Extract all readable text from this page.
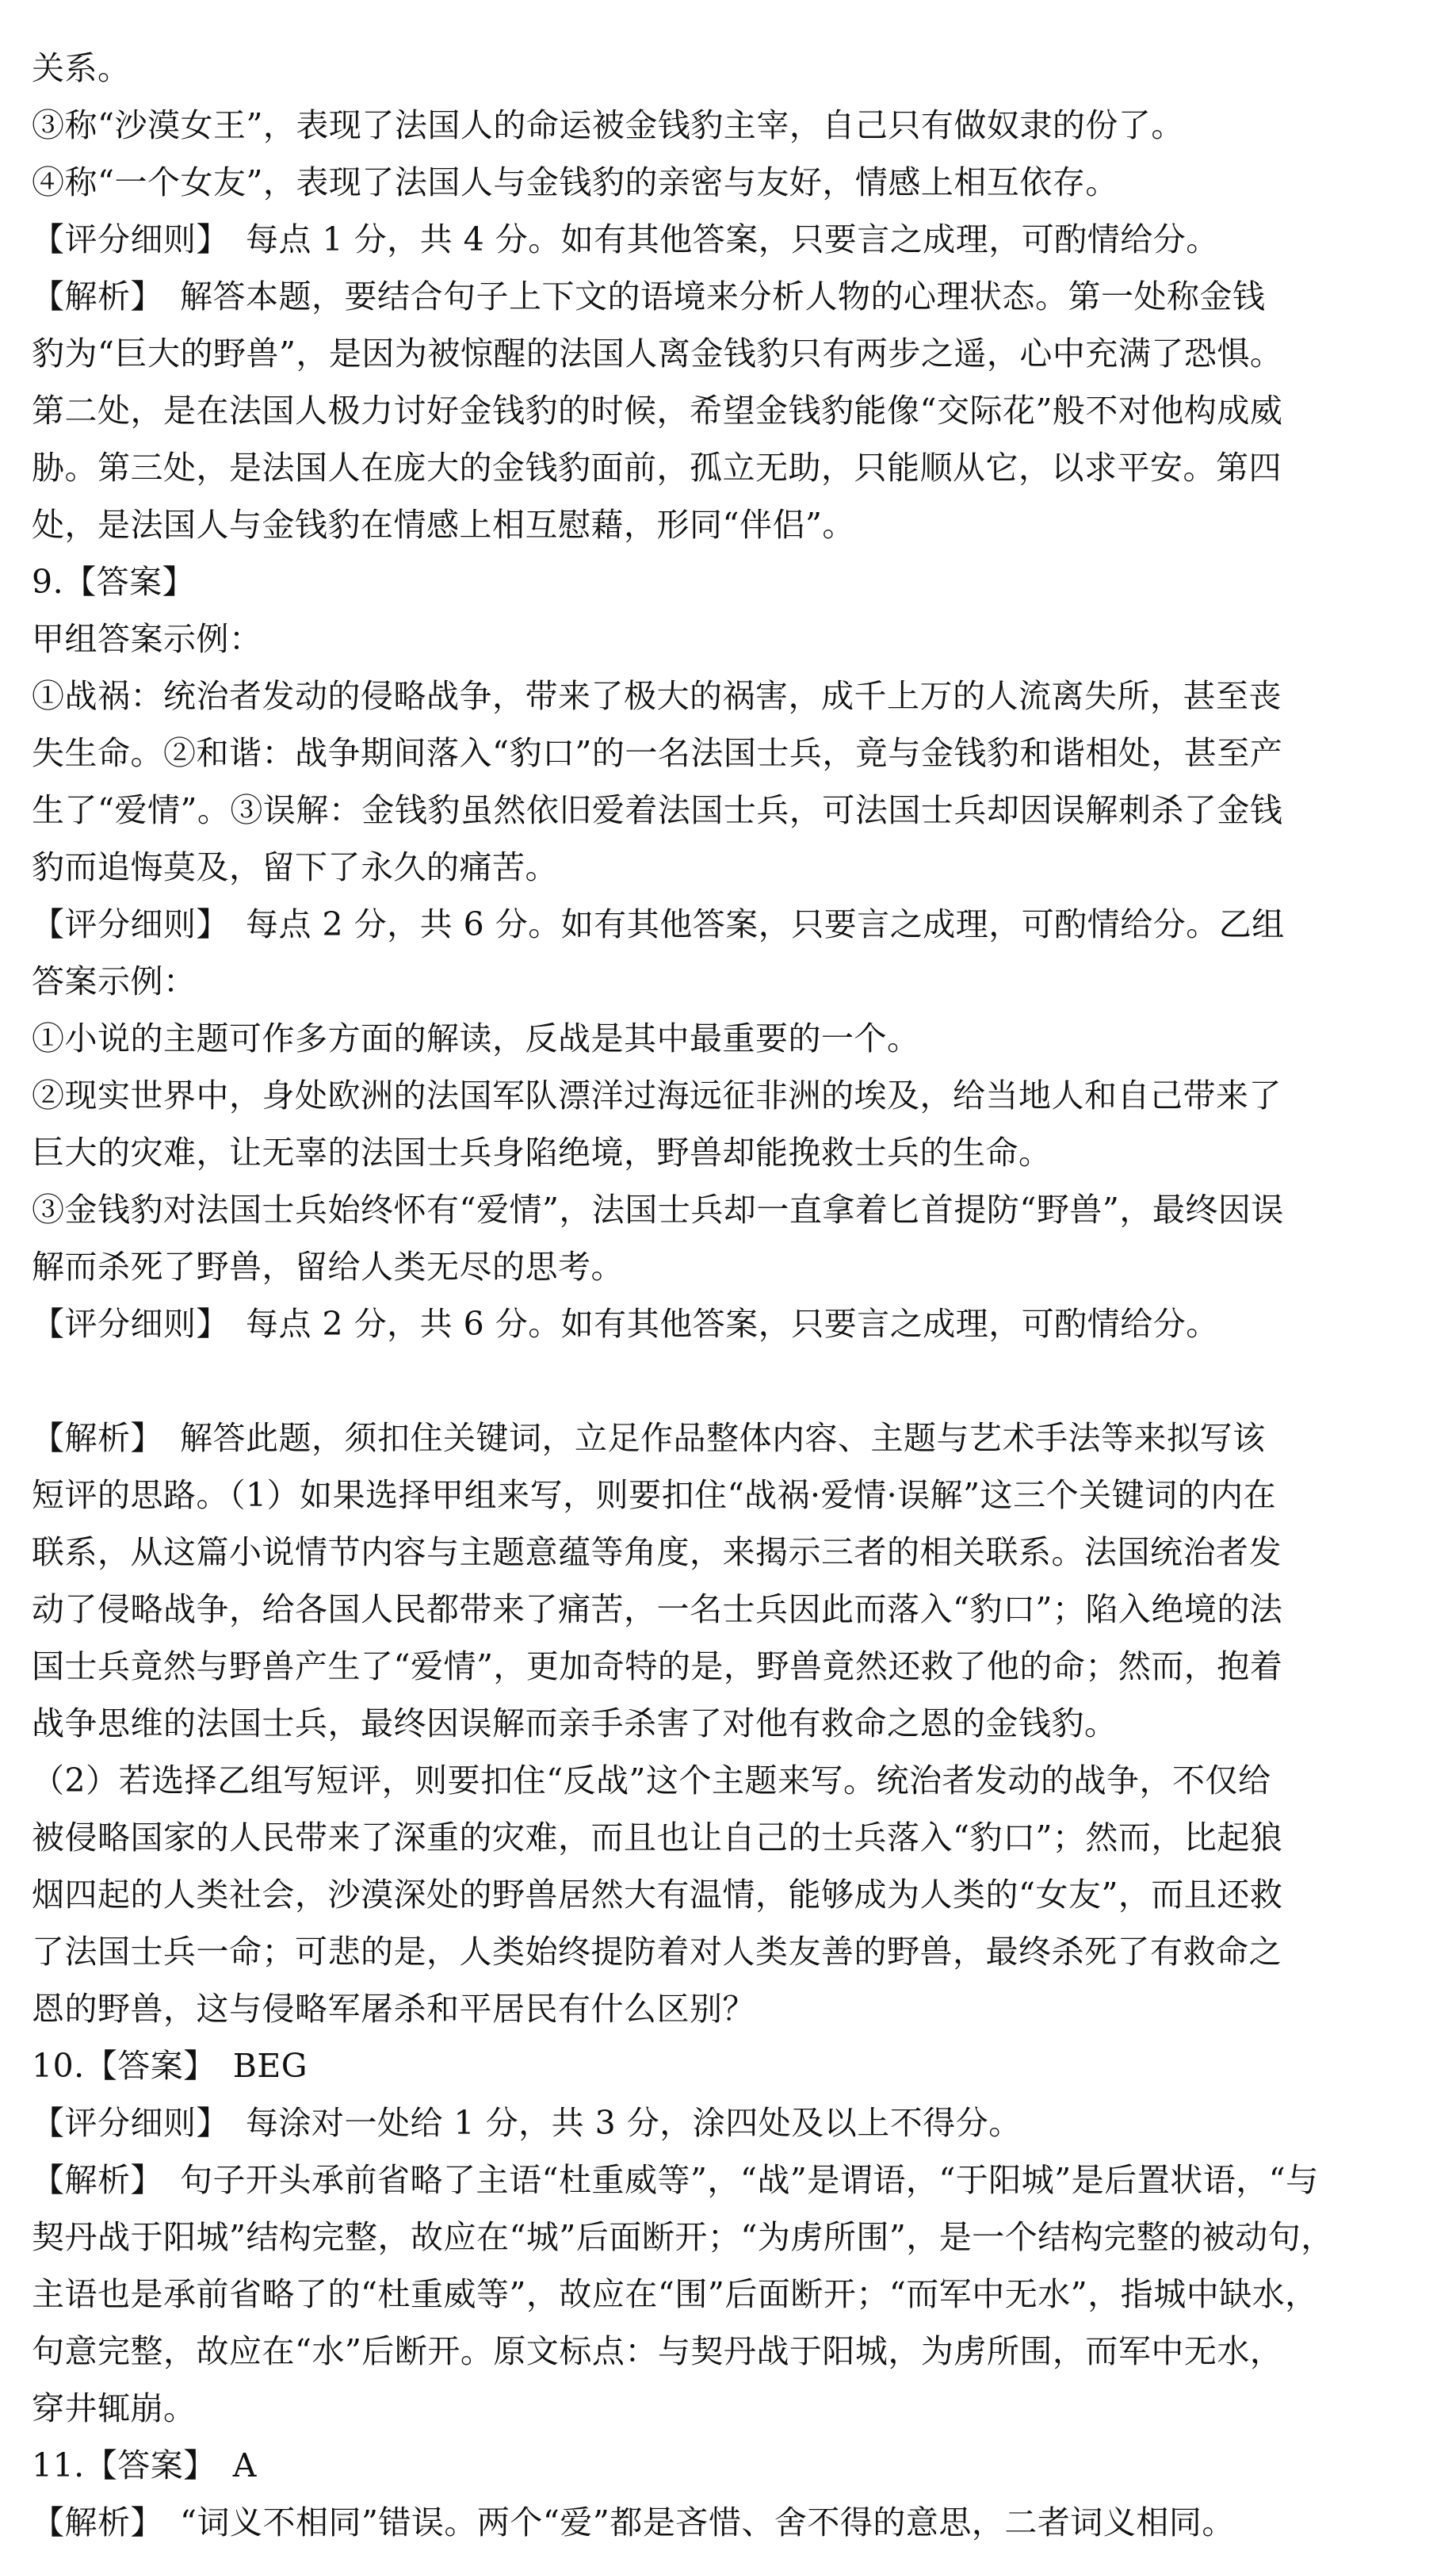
关系。
③称“沙漠女王”，表现了法国人的命运被金钱豹主宰，自己只有做奴隶的份了。
④称“一个女友”，表现了法国人与金钱豹的亲密与友好，情感上相互依存。
【评分细则】　每点 1 分，共 4 分。如有其他答案，只要言之成理，可酌情给分。
【解析】　解答本题，要结合句子上下文的语境来分析人物的心理状态。第一处称金钱
豹为“巨大的野兽”，是因为被惊醒的法国人离金钱豹只有两步之遥，心中充满了恐惧。
第二处，是在法国人极力讨好金钱豹的时候，希望金钱豹能像“交际花”般不对他构成威
胁。第三处，是法国人在庞大的金钱豹面前，孤立无助，只能顺从它，以求平安。第四
处，是法国人与金钱豹在情感上相互慰藉，形同“伴侣”。
9.【答案】
甲组答案示例：
①战祸：统治者发动的侵略战争，带来了极大的祸害，成千上万的人流离失所，甚至丧
失生命。②和谐：战争期间落入“豹口”的一名法国士兵，竟与金钱豹和谐相处，甚至产
生了“爱情”。③误解：金钱豹虽然依旧爱着法国士兵，可法国士兵却因误解刺杀了金钱
豹而追悔莫及，留下了永久的痛苦。
【评分细则】　每点 2 分，共 6 分。如有其他答案，只要言之成理，可酌情给分。乙组
答案示例：
①小说的主题可作多方面的解读，反战是其中最重要的一个。
②现实世界中，身处欧洲的法国军队漂洋过海远征非洲的埃及，给当地人和自己带来了
巨大的灾难，让无辜的法国士兵身陷绝境，野兽却能挽救士兵的生命。
③金钱豹对法国士兵始终怀有“爱情”，法国士兵却一直拿着匕首提防“野兽”，最终因误
解而杀死了野兽，留给人类无尽的思考。
【评分细则】　每点 2 分，共 6 分。如有其他答案，只要言之成理，可酌情给分。
【解析】　解答此题，须扣住关键词，立足作品整体内容、主题与艺术手法等来拟写该
短评的思路。（1）如果选择甲组来写，则要扣住“战祸·爱情·误解”这三个关键词的内在
联系，从这篇小说情节内容与主题意蕴等角度，来揭示三者的相关联系。法国统治者发
动了侵略战争，给各国人民都带来了痛苦，一名士兵因此而落入“豹口”；陷入绝境的法
国士兵竟然与野兽产生了“爱情”，更加奇特的是，野兽竟然还救了他的命；然而，抱着
战争思维的法国士兵，最终因误解而亲手杀害了对他有救命之恩的金钱豹。
（2）若选择乙组写短评，则要扣住“反战”这个主题来写。统治者发动的战争，不仅给
被侵略国家的人民带来了深重的灾难，而且也让自己的士兵落入“豹口”；然而，比起狼
烟四起的人类社会，沙漠深处的野兽居然大有温情，能够成为人类的“女友”，而且还救
了法国士兵一命；可悲的是，人类始终提防着对人类友善的野兽，最终杀死了有救命之
恩的野兽，这与侵略军屠杀和平居民有什么区别？
10.【答案】　BEG
【评分细则】　每涂对一处给 1 分，共 3 分，涂四处及以上不得分。
【解析】　句子开头承前省略了主语“杜重威等”，“战”是谓语，“于阳城”是后置状语，“与
契丹战于阳城”结构完整，故应在“城”后面断开；“为虏所围”，是一个结构完整的被动句，
主语也是承前省略了的“杜重威等”，故应在“围”后面断开；“而军中无水”，指城中缺水，
句意完整，故应在“水”后断开。原文标点：与契丹战于阳城，为虏所围，而军中无水，
穿井辄崩。
11.【答案】　A
【解析】　“词义不相同”错误。两个“爱”都是吝惜、舍不得的意思，二者词义相同。
